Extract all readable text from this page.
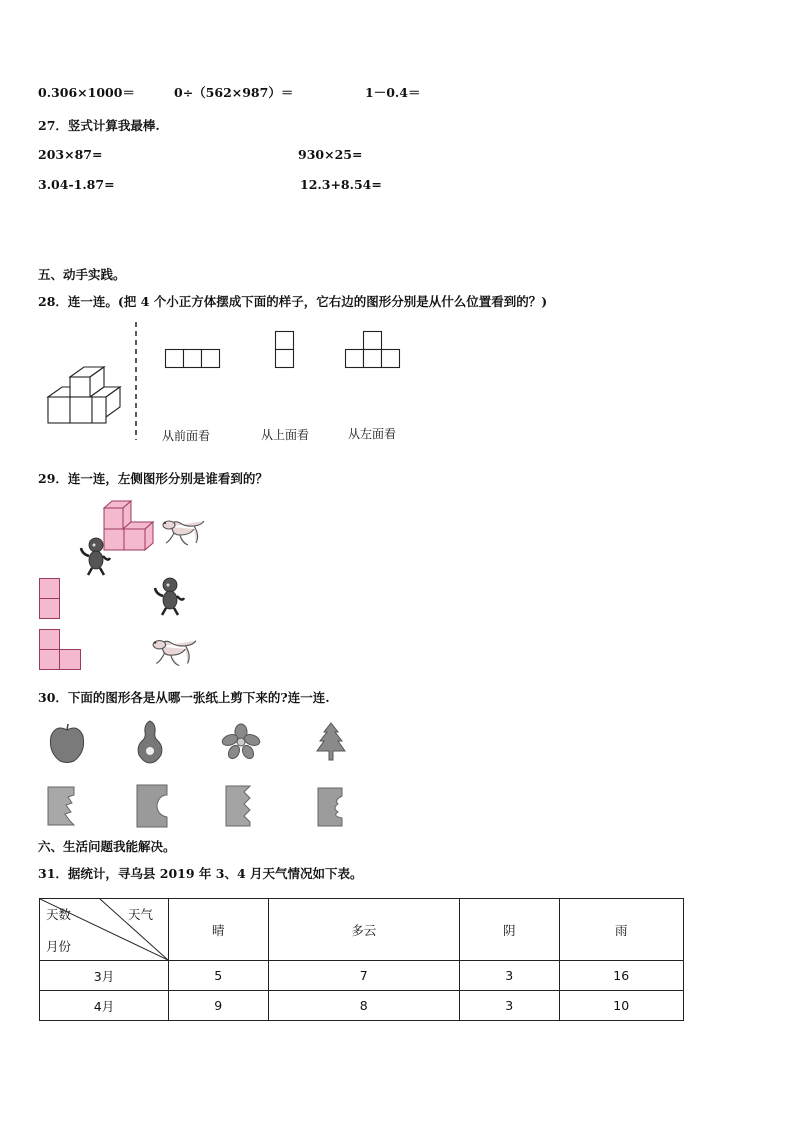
0.306×1000＝	0÷（562×987）＝	1－0.4＝
27．竖式计算我最棒.
203×87=	930×25=
3.04-1.87=	12.3+8.54=
五、动手实践。
28．连一连。(把 4 个小正方体摆成下面的样子，它右边的图形分别是从什么位置看到的？)
从前面看	从上面看	从左面看
29．连一连，左侧图形分别是谁看到的？
30．下面的图形各是从哪一张纸上剪下来的?连一连.
六、生活问题我能解决。
31．据统计，寻乌县 2019 年 3、4 月天气情况如下表。
天数 天气
月份	晴	多云	阴	雨
3月	5	7	3	16
4月	9	8	3	10
